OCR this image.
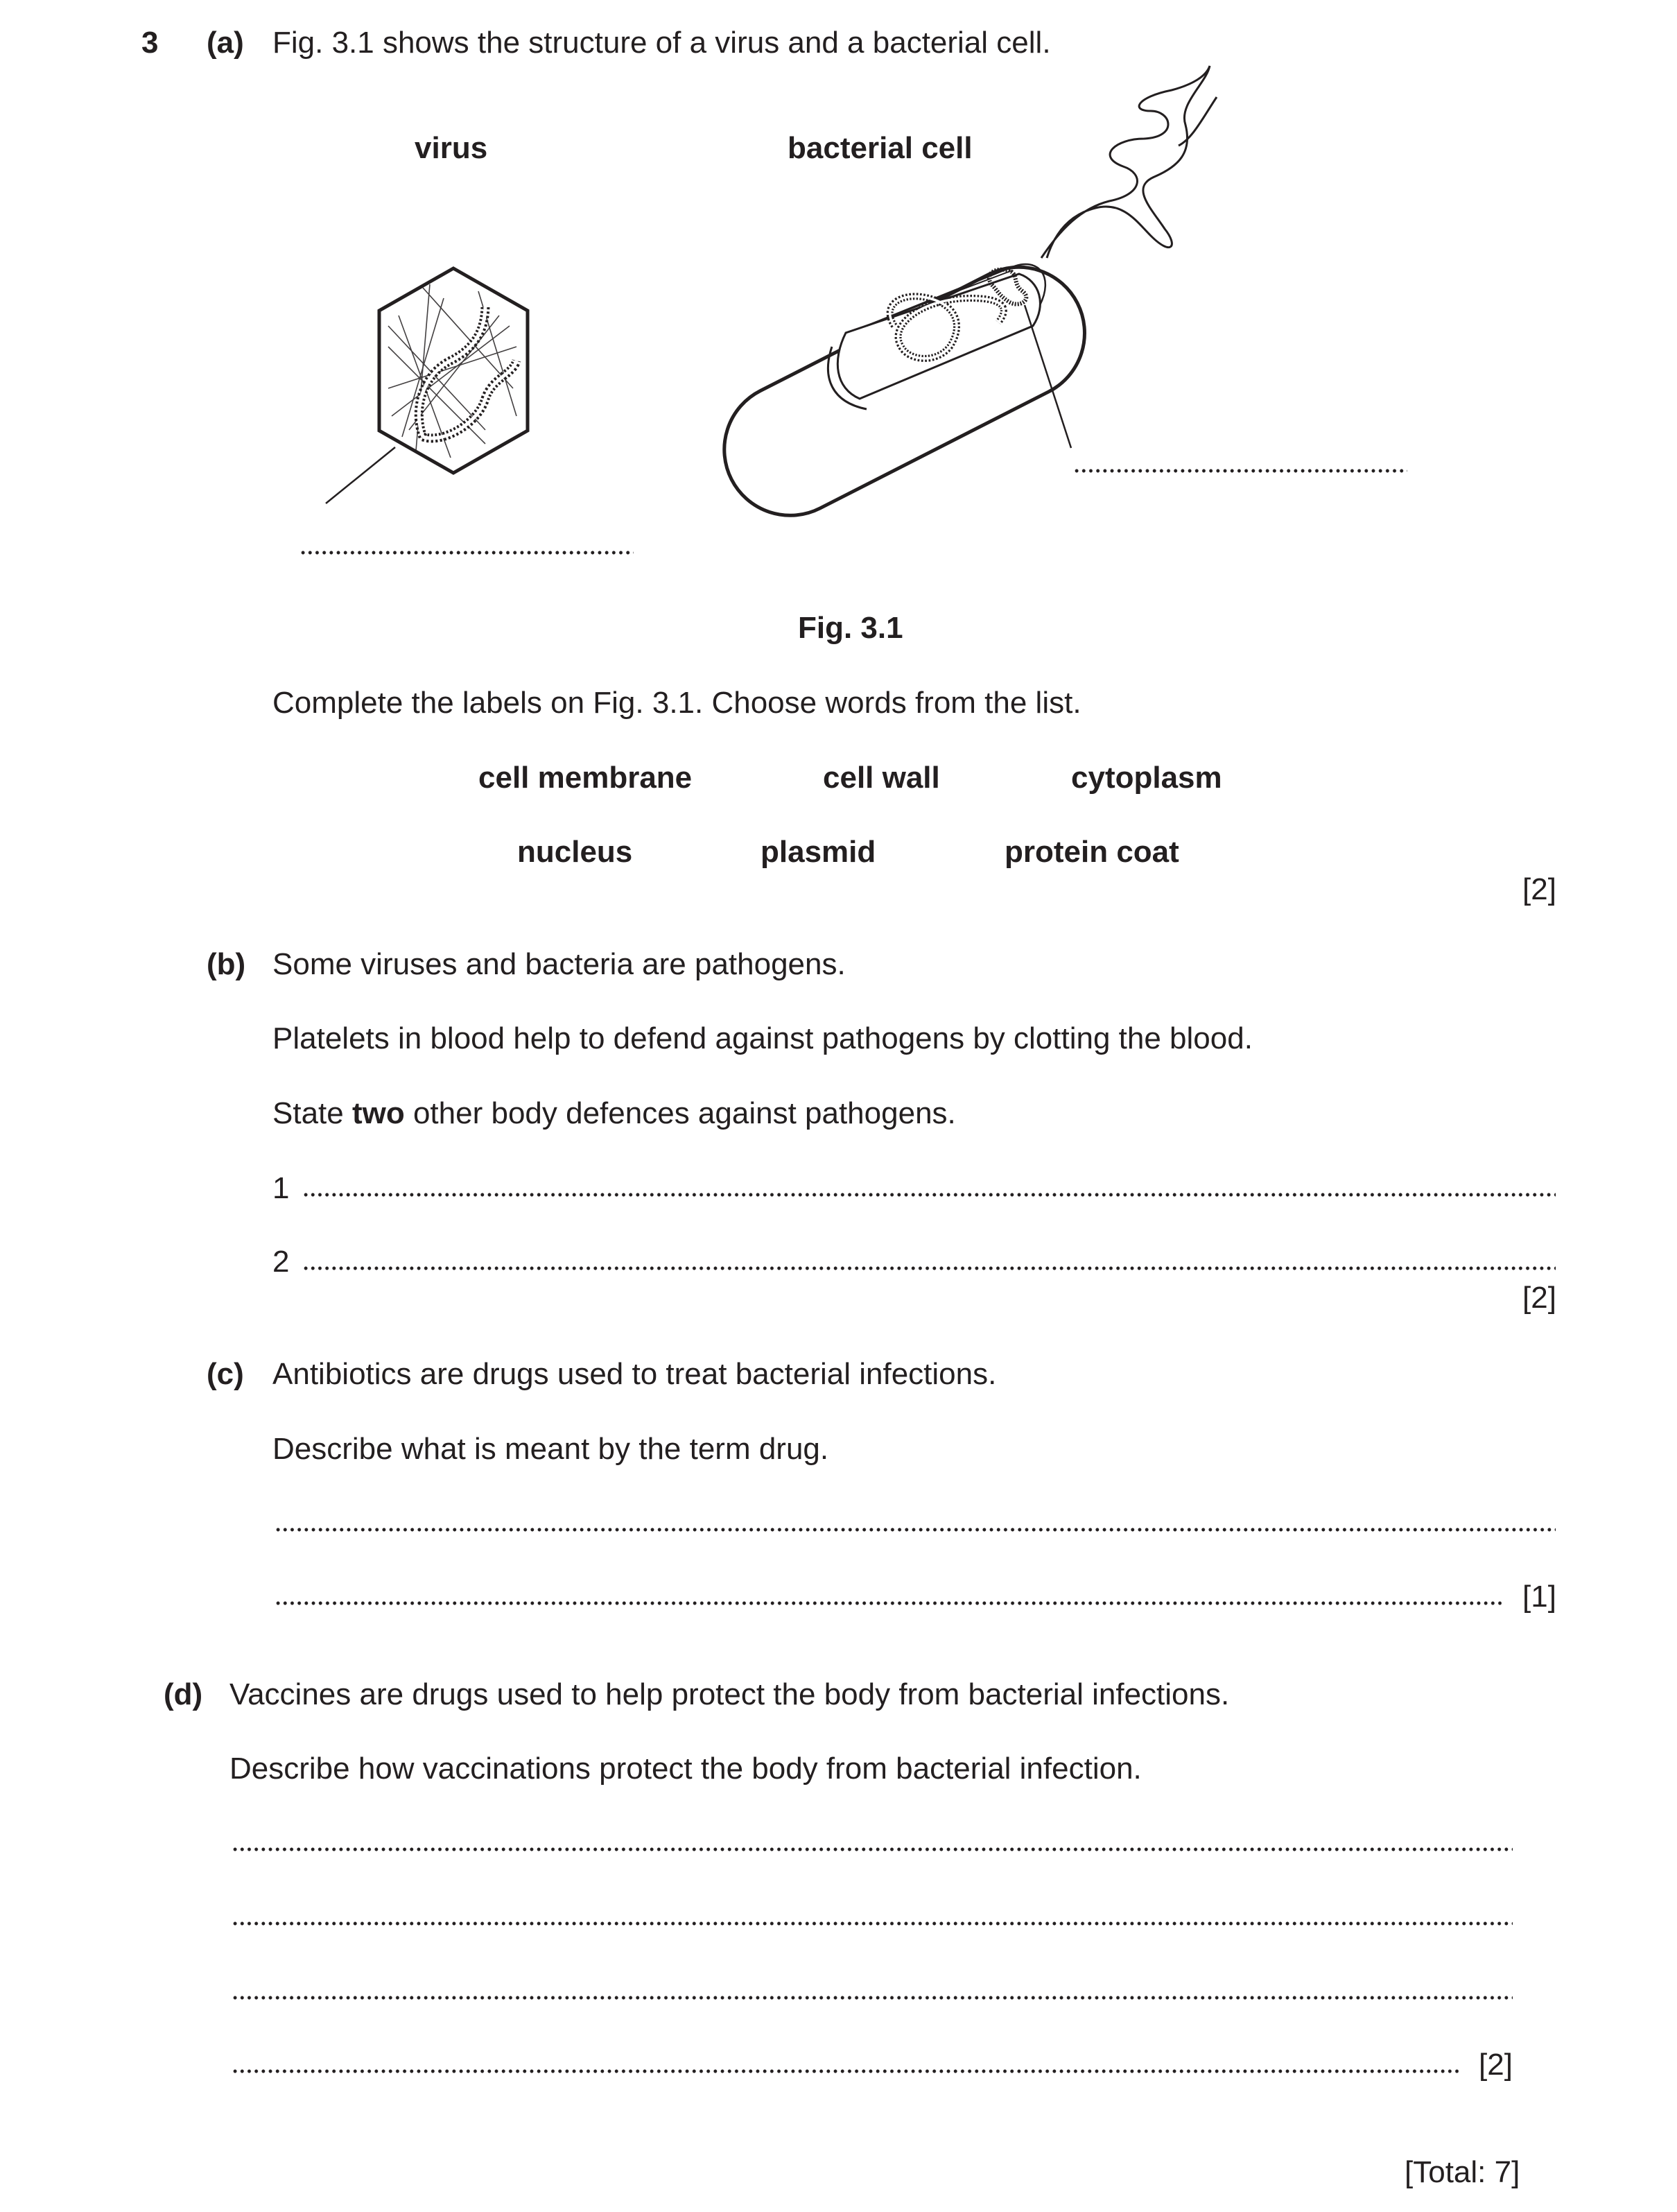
3 (a) Fig. 3.1 shows the structure of a virus and a bacterial cell.
virus	bacterial cell
Fig. 3.1
Complete the labels on Fig. 3.1. Choose words from the list.
cell membrane	cell wall	cytoplasm
nucleus	plasmid	protein coat
[2]
(b) Some viruses and bacteria are pathogens.
Platelets in blood help to defend against pathogens by clotting the blood.
State two other body defences against pathogens.
1
2
[2]
(c) Antibiotics are drugs used to treat bacterial infections.
Describe what is meant by the term drug.
[1]
(d) Vaccines are drugs used to help protect the body from bacterial infections.
Describe how vaccinations protect the body from bacterial infection.
[2]
[Total: 7]
